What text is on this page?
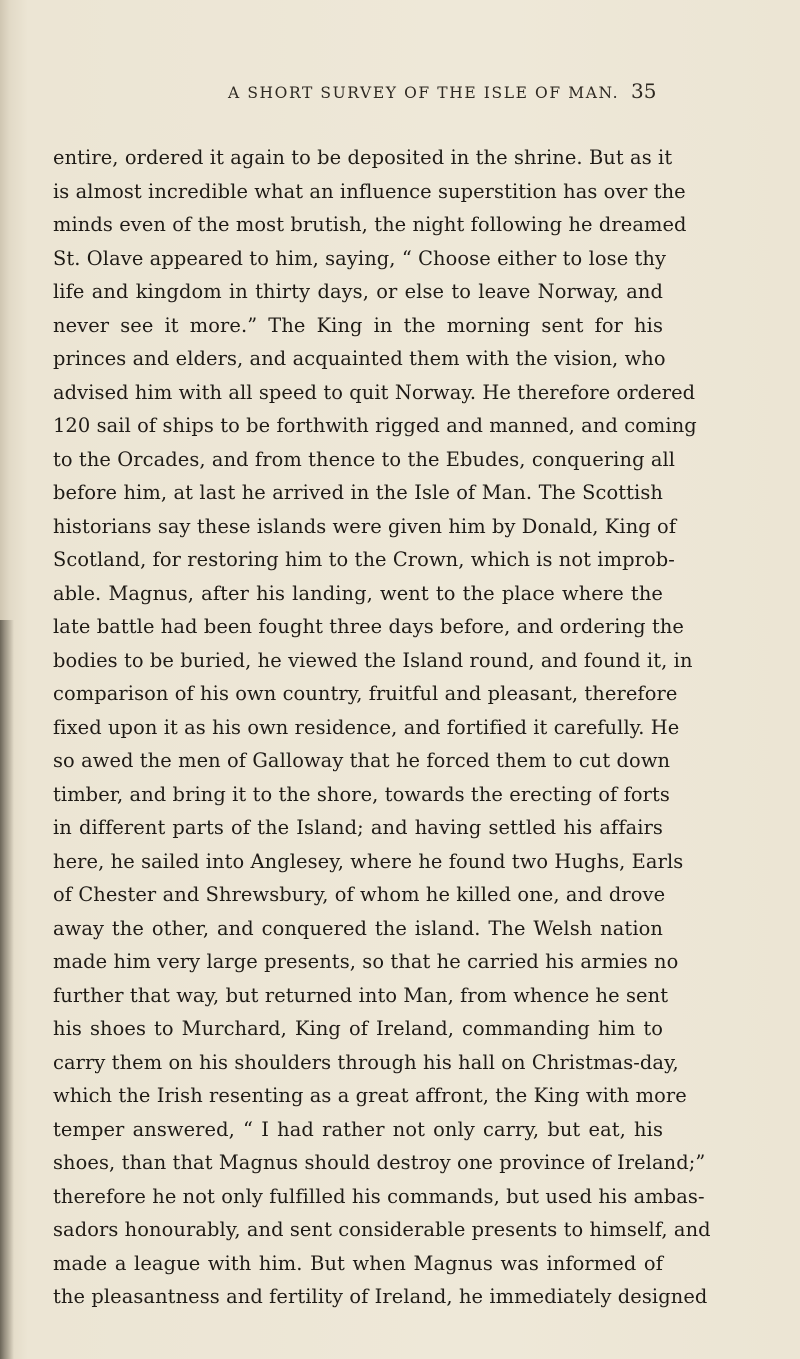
A SHORT SURVEY OF THE ISLE OF MAN. 35
entire, ordered it again to be deposited in the shrine. But as it
is almost incredible what an influence superstition has over the
minds even of the most brutish, the night following he dreamed
St. Olave appeared to him, saying, “ Choose either to lose thy
life and kingdom in thirty days, or else to leave Norway, and
never see it more.” The King in the morning sent for his
princes and elders, and acquainted them with the vision, who
advised him with all speed to quit Norway. He therefore ordered
120 sail of ships to be forthwith rigged and manned, and coming
to the Orcades, and from thence to the Ebudes, conquering all
before him, at last he arrived in the Isle of Man. The Scottish
historians say these islands were given him by Donald, King of
Scotland, for restoring him to the Crown, which is not improb-
able. Magnus, after his landing, went to the place where the
late battle had been fought three days before, and ordering the
bodies to be buried, he viewed the Island round, and found it, in
comparison of his own country, fruitful and pleasant, therefore
fixed upon it as his own residence, and fortified it carefully. He
so awed the men of Galloway that he forced them to cut down
timber, and bring it to the shore, towards the erecting of forts
in different parts of the Island; and having settled his affairs
here, he sailed into Anglesey, where he found two Hughs, Earls
of Chester and Shrewsbury, of whom he killed one, and drove
away the other, and conquered the island. The Welsh nation
made him very large presents, so that he carried his armies no
further that way, but returned into Man, from whence he sent
his shoes to Murchard, King of Ireland, commanding him to
carry them on his shoulders through his hall on Christmas-day,
which the Irish resenting as a great affront, the King with more
temper answered, “ I had rather not only carry, but eat, his
shoes, than that Magnus should destroy one province of Ireland;”
therefore he not only fulfilled his commands, but used his ambas-
sadors honourably, and sent considerable presents to himself, and
made a league with him. But when Magnus was informed of
the pleasantness and fertility of Ireland, he immediately designed
